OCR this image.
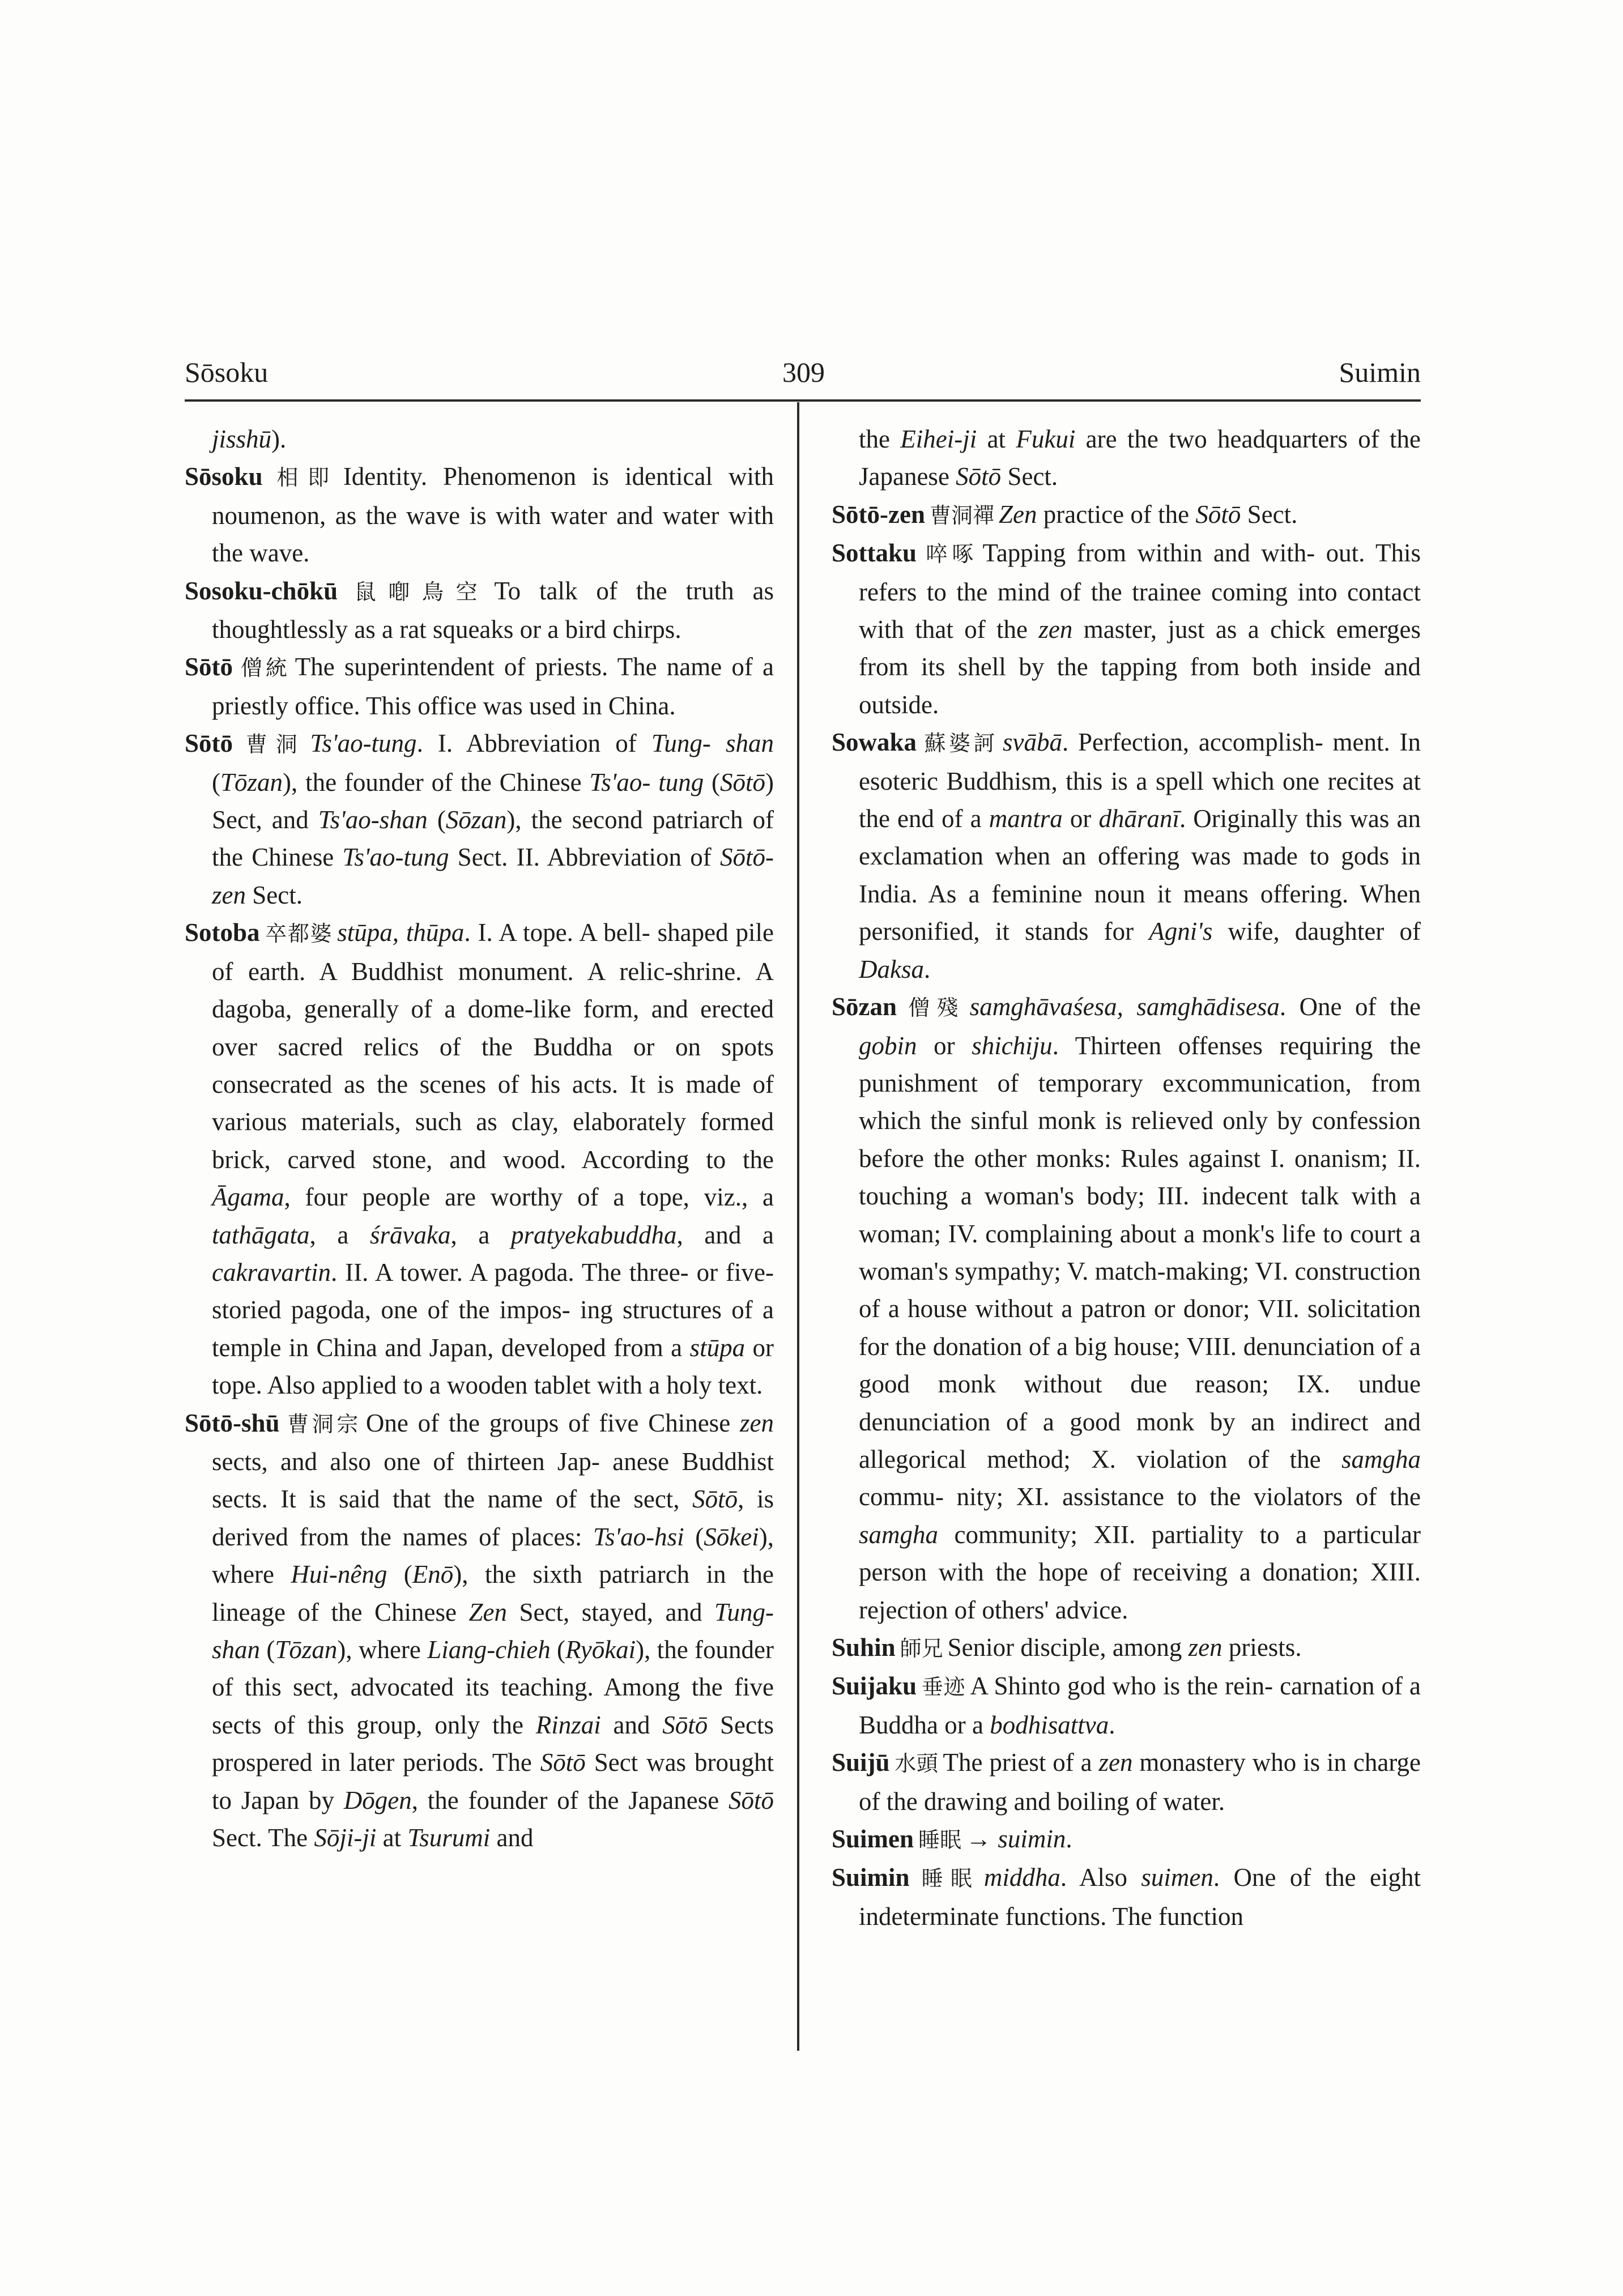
Sōsoku	309	Suimin
jisshū).
Sōsoku 相即 Identity. Phenomenon is identical with noumenon, as the wave is with water and water with the wave.
Sosoku-chōkū 鼠喞鳥空 To talk of the truth as thoughtlessly as a rat squeaks or a bird chirps.
Sōtō 僧統 The superintendent of priests. The name of a priestly office. This office was used in China.
Sōtō 曹洞 Ts'ao-tung. I. Abbreviation of Tung- shan (Tōzan), the founder of the Chinese Ts'ao- tung (Sōtō) Sect, and Ts'ao-shan (Sōzan), the second patriarch of the Chinese Ts'ao-tung Sect. II. Abbreviation of Sōtō-zen Sect.
Sotoba 卒都婆 stūpa, thūpa. I. A tope. A bell- shaped pile of earth. A Buddhist monument. A relic-shrine. A dagoba, generally of a dome-like form, and erected over sacred relics of the Buddha or on spots consecrated as the scenes of his acts. It is made of various materials, such as clay, elaborately formed brick, carved stone, and wood. According to the Āgama, four people are worthy of a tope, viz., a tathāgata, a śrāvaka, a pratyekabuddha, and a cakravartin. II. A tower. A pagoda. The three- or five-storied pagoda, one of the impos- ing structures of a temple in China and Japan, developed from a stūpa or tope. Also applied to a wooden tablet with a holy text.
Sōtō-shū 曹洞宗 One of the groups of five Chinese zen sects, and also one of thirteen Jap- anese Buddhist sects. It is said that the name of the sect, Sōtō, is derived from the names of places: Ts'ao-hsi (Sōkei), where Hui-nêng (Enō), the sixth patriarch in the lineage of the Chinese Zen Sect, stayed, and Tung-shan (Tōzan), where Liang-chieh (Ryōkai), the founder of this sect, advocated its teaching. Among the five sects of this group, only the Rinzai and Sōtō Sects prospered in later periods. The Sōtō Sect was brought to Japan by Dōgen, the founder of the Japanese Sōtō Sect. The Sōji-ji at Tsurumi and
the Eihei-ji at Fukui are the two headquarters of the Japanese Sōtō Sect.
Sōtō-zen 曹洞禪 Zen practice of the Sōtō Sect.
Sottaku 啐啄 Tapping from within and with- out. This refers to the mind of the trainee coming into contact with that of the zen master, just as a chick emerges from its shell by the tapping from both inside and outside.
Sowaka 蘇婆訶 svābā. Perfection, accomplish- ment. In esoteric Buddhism, this is a spell which one recites at the end of a mantra or dhāranī. Originally this was an exclamation when an offering was made to gods in India. As a feminine noun it means offering. When personified, it stands for Agni's wife, daughter of Daksa.
Sōzan 僧殘 samghāvaśesa, samghādisesa. One of the gobin or shichiju. Thirteen offenses requiring the punishment of temporary excommunication, from which the sinful monk is relieved only by confession before the other monks: Rules against I. onanism; II. touching a woman's body; III. indecent talk with a woman; IV. complaining about a monk's life to court a woman's sympathy; V. match-making; VI. construction of a house without a patron or donor; VII. solicitation for the donation of a big house; VIII. denunciation of a good monk without due reason; IX. undue denunciation of a good monk by an indirect and allegorical method; X. violation of the samgha commu- nity; XI. assistance to the violators of the samgha community; XII. partiality to a particular person with the hope of receiving a donation; XIII. rejection of others' advice.
Suhin 師兄 Senior disciple, among zen priests.
Suijaku 垂迹 A Shinto god who is the rein- carnation of a Buddha or a bodhisattva.
Suijū 水頭 The priest of a zen monastery who is in charge of the drawing and boiling of water.
Suimen 睡眠 → suimin.
Suimin 睡眠 middha. Also suimen. One of the eight indeterminate functions. The function
